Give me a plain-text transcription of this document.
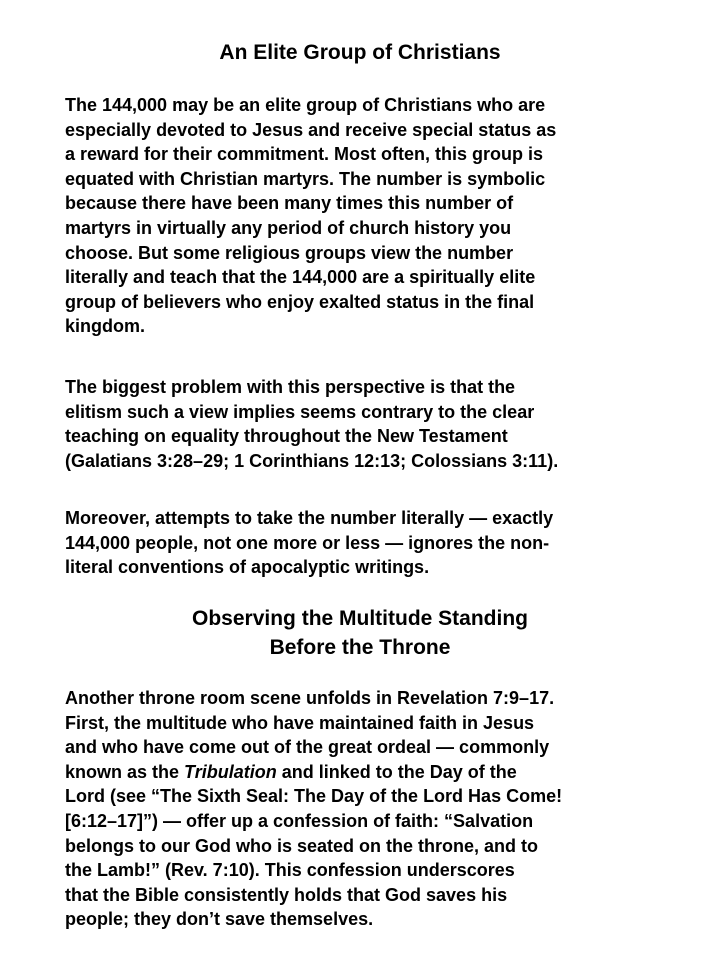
An Elite Group of Christians

The 144,000 may be an elite group of Christians who are
especially devoted to Jesus and receive special status as
a reward for their commitment. Most often, this group is
equated with Christian martyrs. The number is symbolic
because there have been many times this number of
martyrs in virtually any period of church history you
choose. But some religious groups view the number
literally and teach that the 144,000 are a spiritually elite
group of believers who enjoy exalted status in the final
kingdom.

The biggest problem with this perspective is that the
elitism such a view implies seems contrary to the clear
teaching on equality throughout the New Testament
(Galatians 3:28–29; 1 Corinthians 12:13; Colossians 3:11).

Moreover, attempts to take the number literally — exactly
144,000 people, not one more or less — ignores the non-
literal conventions of apocalyptic writings.

Observing the Multitude Standing
Before the Throne

Another throne room scene unfolds in Revelation 7:9–17.
First, the multitude who have maintained faith in Jesus
and who have come out of the great ordeal — commonly
known as the Tribulation and linked to the Day of the
Lord (see “The Sixth Seal: The Day of the Lord Has Come!
[6:12–17]”) — offer up a confession of faith: “Salvation
belongs to our God who is seated on the throne, and to
the Lamb!” (Rev. 7:10). This confession underscores
that the Bible consistently holds that God saves his
people; they don’t save themselves.
